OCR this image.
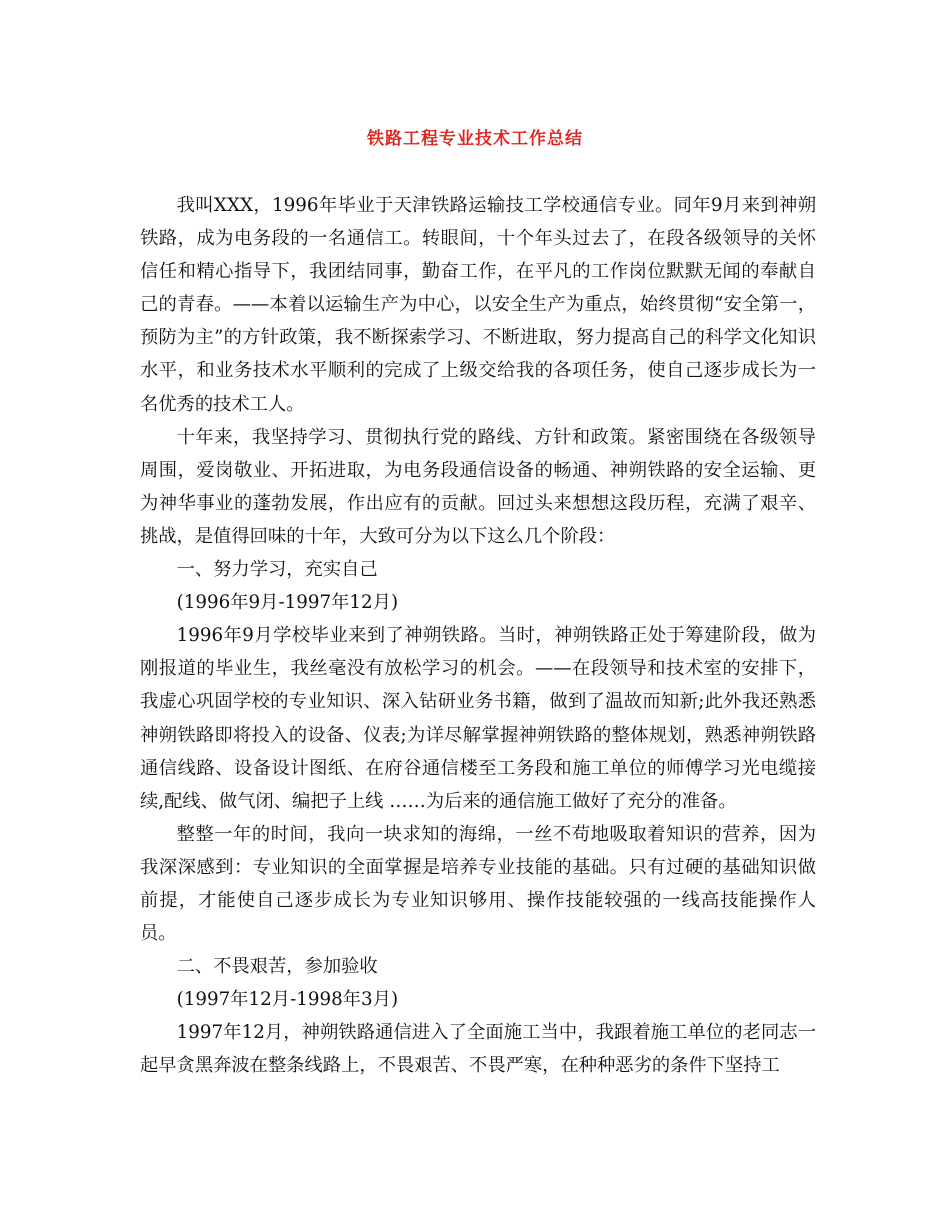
铁路工程专业技术工作总结

我叫XXX，1996年毕业于天津铁路运输技工学校通信专业。同年9月来到神朔铁路，成为电务段的一名通信工。转眼间，十个年头过去了，在段各级领导的关怀信任和精心指导下，我团结同事，勤奋工作，在平凡的工作岗位默默无闻的奉献自己的青春。——本着以运输生产为中心，以安全生产为重点，始终贯彻“安全第一，预防为主”的方针政策，我不断探索学习、不断进取，努力提高自己的科学文化知识水平，和业务技术水平顺利的完成了上级交给我的各项任务，使自己逐步成长为一名优秀的技术工人。

十年来，我坚持学习、贯彻执行党的路线、方针和政策。紧密围绕在各级领导周围，爱岗敬业、开拓进取，为电务段通信设备的畅通、神朔铁路的安全运输、更为神华事业的蓬勃发展，作出应有的贡献。回过头来想想这段历程，充满了艰辛、挑战，是值得回味的十年，大致可分为以下这么几个阶段：

一、努力学习，充实自己

(1996年9月-1997年12月)

1996年9月学校毕业来到了神朔铁路。当时，神朔铁路正处于筹建阶段，做为刚报道的毕业生，我丝毫没有放松学习的机会。——在段领导和技术室的安排下，我虚心巩固学校的专业知识、深入钻研业务书籍，做到了温故而知新;此外我还熟悉神朔铁路即将投入的设备、仪表;为详尽解掌握神朔铁路的整体规划，熟悉神朔铁路通信线路、设备设计图纸、在府谷通信楼至工务段和施工单位的师傅学习光电缆接续,配线、做气闭、编把子上线 ……为后来的通信施工做好了充分的准备。

整整一年的时间，我向一块求知的海绵，一丝不苟地吸取着知识的营养，因为我深深感到：专业知识的全面掌握是培养专业技能的基础。只有过硬的基础知识做前提，才能使自己逐步成长为专业知识够用、操作技能较强的一线高技能操作人员。

二、不畏艰苦，参加验收

(1997年12月-1998年3月)

1997年12月，神朔铁路通信进入了全面施工当中，我跟着施工单位的老同志一起早贪黑奔波在整条线路上，不畏艰苦、不畏严寒，在种种恶劣的条件下坚持工
